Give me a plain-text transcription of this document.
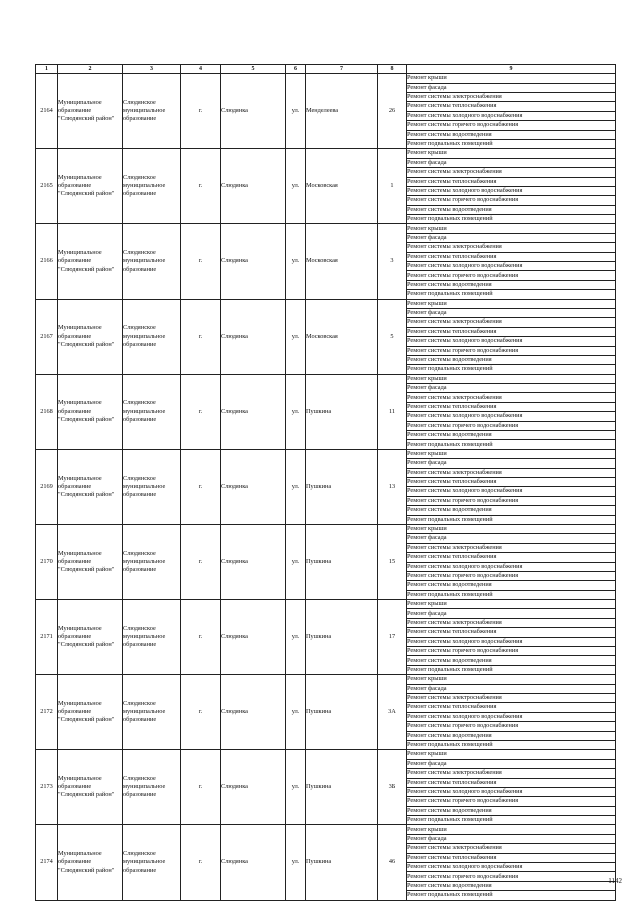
1	2	3	4	5	6	7	8	9
2164	Муниципальное образование "Слюдянский район"	Слюдянское муниципальное образование	г.	Слюдянка	ул.	Менделеева	26	Ремонт крыши
								Ремонт фасада
								Ремонт системы электроснабжения
								Ремонт системы теплоснабжения
								Ремонт системы холодного водоснабжения
								Ремонт системы горячего водоснабжения
								Ремонт системы водоотведения
								Ремонт подвальных помещений
2165	Муниципальное образование "Слюдянский район"	Слюдянское муниципальное образование	г.	Слюдянка	ул.	Московская	1	Ремонт крыши
								Ремонт фасада
								Ремонт системы электроснабжения
								Ремонт системы теплоснабжения
								Ремонт системы холодного водоснабжения
								Ремонт системы горячего водоснабжения
								Ремонт системы водоотведения
								Ремонт подвальных помещений
2166	Муниципальное образование "Слюдянский район"	Слюдянское муниципальное образование	г.	Слюдянка	ул.	Московская	3	Ремонт крыши
								Ремонт фасада
								Ремонт системы электроснабжения
								Ремонт системы теплоснабжения
								Ремонт системы холодного водоснабжения
								Ремонт системы горячего водоснабжения
								Ремонт системы водоотведения
								Ремонт подвальных помещений
2167	Муниципальное образование "Слюдянский район"	Слюдянское муниципальное образование	г.	Слюдянка	ул.	Московская	5	Ремонт крыши
								Ремонт фасада
								Ремонт системы электроснабжения
								Ремонт системы теплоснабжения
								Ремонт системы холодного водоснабжения
								Ремонт системы горячего водоснабжения
								Ремонт системы водоотведения
								Ремонт подвальных помещений
2168	Муниципальное образование "Слюдянский район"	Слюдянское муниципальное образование	г.	Слюдянка	ул.	Пушкина	11	Ремонт крыши
								Ремонт фасада
								Ремонт системы электроснабжения
								Ремонт системы теплоснабжения
								Ремонт системы холодного водоснабжения
								Ремонт системы горячего водоснабжения
								Ремонт системы водоотведения
								Ремонт подвальных помещений
2169	Муниципальное образование "Слюдянский район"	Слюдянское муниципальное образование	г.	Слюдянка	ул.	Пушкина	13	Ремонт крыши
								Ремонт фасада
								Ремонт системы электроснабжения
								Ремонт системы теплоснабжения
								Ремонт системы холодного водоснабжения
								Ремонт системы горячего водоснабжения
								Ремонт системы водоотведения
								Ремонт подвальных помещений
2170	Муниципальное образование "Слюдянский район"	Слюдянское муниципальное образование	г.	Слюдянка	ул.	Пушкина	15	Ремонт крыши
								Ремонт фасада
								Ремонт системы электроснабжения
								Ремонт системы теплоснабжения
								Ремонт системы холодного водоснабжения
								Ремонт системы горячего водоснабжения
								Ремонт системы водоотведения
								Ремонт подвальных помещений
2171	Муниципальное образование "Слюдянский район"	Слюдянское муниципальное образование	г.	Слюдянка	ул.	Пушкина	17	Ремонт крыши
								Ремонт фасада
								Ремонт системы электроснабжения
								Ремонт системы теплоснабжения
								Ремонт системы холодного водоснабжения
								Ремонт системы горячего водоснабжения
								Ремонт системы водоотведения
								Ремонт подвальных помещений
2172	Муниципальное образование "Слюдянский район"	Слюдянское муниципальное образование	г.	Слюдянка	ул.	Пушкина	3А	Ремонт крыши
								Ремонт фасада
								Ремонт системы электроснабжения
								Ремонт системы теплоснабжения
								Ремонт системы холодного водоснабжения
								Ремонт системы горячего водоснабжения
								Ремонт системы водоотведения
								Ремонт подвальных помещений
2173	Муниципальное образование "Слюдянский район"	Слюдянское муниципальное образование	г.	Слюдянка	ул.	Пушкина	3Б	Ремонт крыши
								Ремонт фасада
								Ремонт системы электроснабжения
								Ремонт системы теплоснабжения
								Ремонт системы холодного водоснабжения
								Ремонт системы горячего водоснабжения
								Ремонт системы водоотведения
								Ремонт подвальных помещений
2174	Муниципальное образование "Слюдянский район"	Слюдянское муниципальное образование	г.	Слюдянка	ул.	Пушкина	46	Ремонт крыши
								Ремонт фасада
								Ремонт системы электроснабжения
								Ремонт системы теплоснабжения
								Ремонт системы холодного водоснабжения
								Ремонт системы горячего водоснабжения
								Ремонт системы водоотведения
								Ремонт подвальных помещений
1142
